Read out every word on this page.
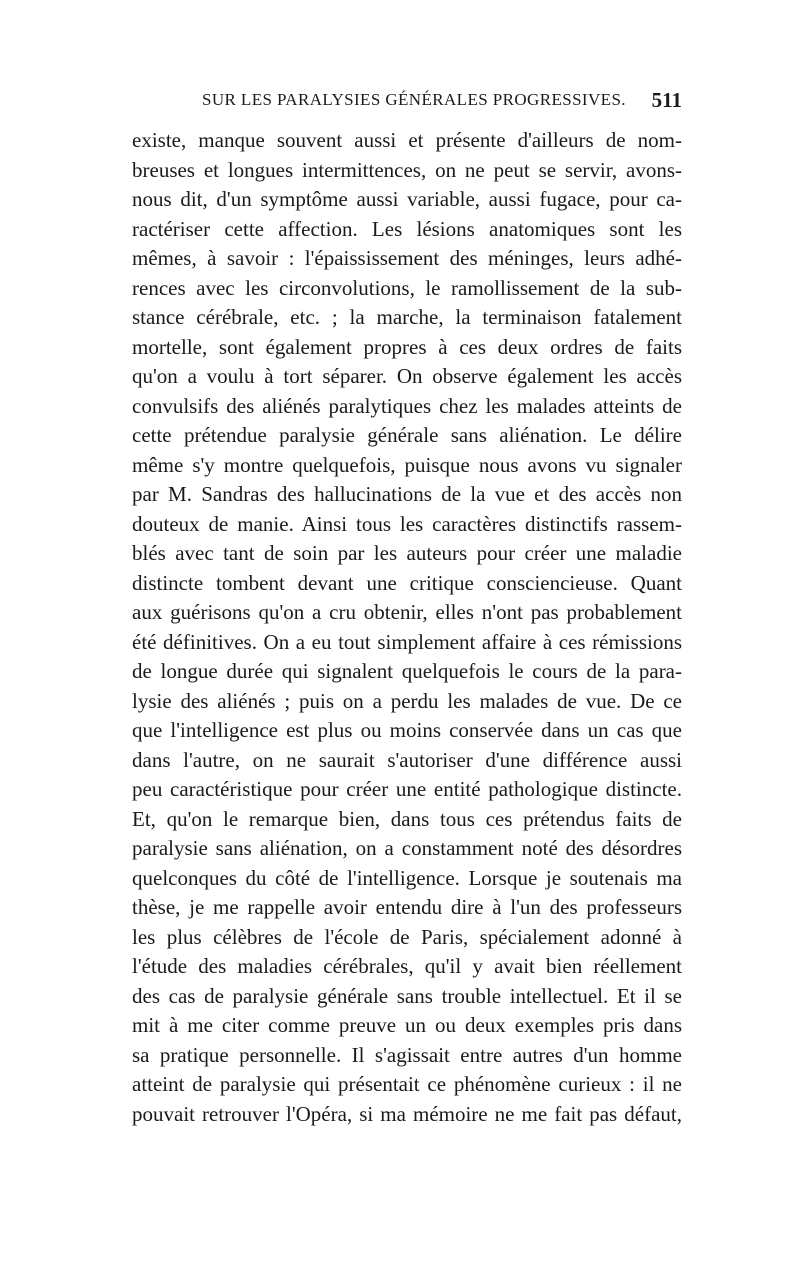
SUR LES PARALYSIES GÉNÉRALES PROGRESSIVES. 511
existe, manque souvent aussi et présente d'ailleurs de nom-
breuses et longues intermittences, on ne peut se servir, avons-
nous dit, d'un symptôme aussi variable, aussi fugace, pour ca-
ractériser cette affection. Les lésions anatomiques sont les
mêmes, à savoir : l'épaississement des méninges, leurs adhé-
rences avec les circonvolutions, le ramollissement de la sub-
stance cérébrale, etc. ; la marche, la terminaison fatalement
mortelle, sont également propres à ces deux ordres de faits
qu'on a voulu à tort séparer. On observe également les accès
convulsifs des aliénés paralytiques chez les malades atteints de
cette prétendue paralysie générale sans aliénation. Le délire
même s'y montre quelquefois, puisque nous avons vu signaler
par M. Sandras des hallucinations de la vue et des accès non
douteux de manie. Ainsi tous les caractères distinctifs rassem-
blés avec tant de soin par les auteurs pour créer une maladie
distincte tombent devant une critique consciencieuse. Quant
aux guérisons qu'on a cru obtenir, elles n'ont pas probablement
été définitives. On a eu tout simplement affaire à ces rémissions
de longue durée qui signalent quelquefois le cours de la para-
lysie des aliénés ; puis on a perdu les malades de vue. De ce
que l'intelligence est plus ou moins conservée dans un cas que
dans l'autre, on ne saurait s'autoriser d'une différence aussi
peu caractéristique pour créer une entité pathologique distincte.
Et, qu'on le remarque bien, dans tous ces prétendus faits de
paralysie sans aliénation, on a constamment noté des désordres
quelconques du côté de l'intelligence. Lorsque je soutenais ma
thèse, je me rappelle avoir entendu dire à l'un des professeurs
les plus célèbres de l'école de Paris, spécialement adonné à
l'étude des maladies cérébrales, qu'il y avait bien réellement
des cas de paralysie générale sans trouble intellectuel. Et il se
mit à me citer comme preuve un ou deux exemples pris dans
sa pratique personnelle. Il s'agissait entre autres d'un homme
atteint de paralysie qui présentait ce phénomène curieux : il ne
pouvait retrouver l'Opéra, si ma mémoire ne me fait pas défaut,
